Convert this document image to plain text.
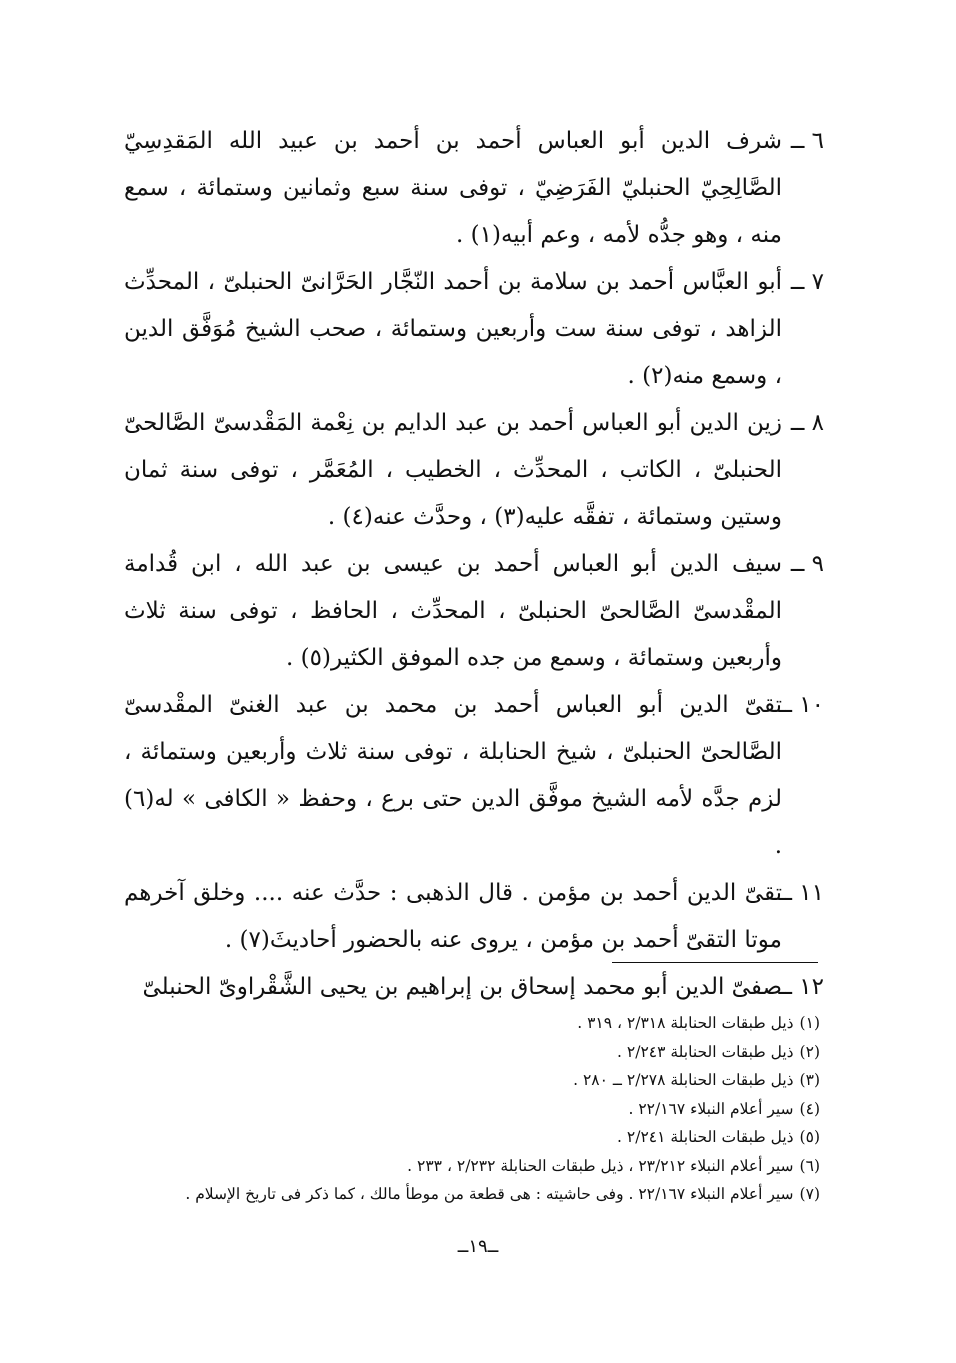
٦ ــ
شرف الدين أبو العباس أحمد بن أحمد بن عبيد الله المَقدِسِيّ الصَّالِحِيّ الحنبليّ الفَرَضِيّ ، توفى سنة سبع وثمانين وستمائة ، سمع منه ، وهو جدُّه لأمه ، وعم أبيه(١) .

٧ ــ
أبو العبَّاس أحمد بن سلامة بن أحمد النّجَّار الحَرَّانىّ الحنبلىّ ، المحدِّث الزاهد ، توفى سنة ست وأربعين وستمائة ، صحب الشيخ مُوَفَّق الدين ، وسمع منه(٢) .

٨ ــ
زين الدين أبو العباس أحمد بن عبد الدايم بن نِعْمة المَقْدسىّ الصَّالحىّ الحنبلىّ ، الكاتب ، المحدِّث ، الخطيب ، المُعَمَّر ، توفى سنة ثمان وستين وستمائة ، تفقَّه عليه(٣) ، وحدَّث عنه(٤) .

٩ ــ
سيف الدين أبو العباس أحمد بن عيسى بن عبد الله ، ابن قُدامة المقْدسىّ الصَّالحىّ الحنبلىّ ، المحدِّث ، الحافظ ، توفى سنة ثلاث وأربعين وستمائة ، وسمع من جده الموفق الكثير(٥) .

١٠ ــ
تقىّ الدين أبو العباس أحمد بن محمد بن عبد الغنىّ المقْدسىّ الصَّالحىّ الحنبلىّ ، شيخ الحنابلة ، توفى سنة ثلاث وأربعين وستمائة ، لزم جدَّه لأمه الشيخ موفَّق الدين حتى برع ، وحفظ « الكافى » له(٦) .

١١ ــ
تقىّ الدين أحمد بن مؤمن . قال الذهبى : حدَّث عنه .... وخلق آخرهم موتا التقىّ أحمد بن مؤمن ، يروى عنه بالحضور أحاديثَ(٧) .

١٢ ــ
صفىّ الدين أبو محمد إسحاق بن إبراهيم بن يحيى الشَّقْراوىّ الحنبلىّ

(١)ذيل طبقات الحنابلة ٢/٣١٨ ، ٣١٩ .

(٢)ذيل طبقات الحنابلة ٢/٢٤٣ .

(٣)ذيل طبقات الحنابلة ٢/٢٧٨ ــ ٢٨٠ .

(٤)سير أعلام النبلاء ٢٢/١٦٧ .

(٥)ذيل طبقات الحنابلة ٢/٢٤١ .

(٦)سير أعلام النبلاء ٢٣/٢١٢ ، ذيل طبقات الحنابلة ٢/٢٣٢ ، ٢٣٣ .

(٧)سير أعلام النبلاء ٢٢/١٦٧ . وفى حاشيته : هى قطعة من موطأ مالك ، كما ذكر فى تاريخ الإسلام .

ــ١٩ــ
